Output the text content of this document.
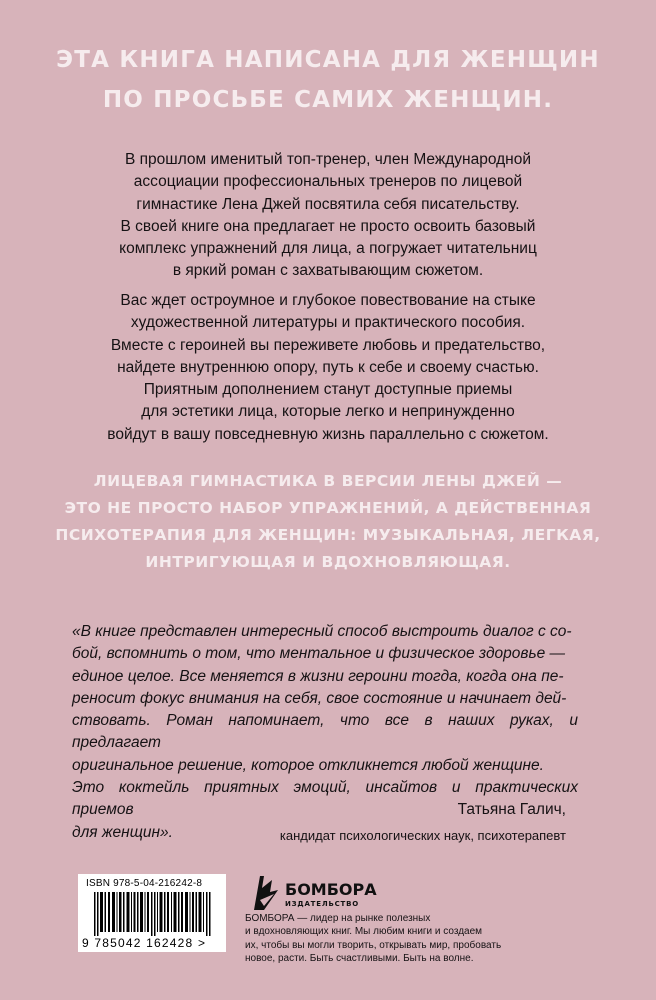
ЭТА КНИГА НАПИСАНА ДЛЯ ЖЕНЩИН
ПО ПРОСЬБЕ САМИХ ЖЕНЩИН.
В прошлом именитый топ-тренер, член Международной
ассоциации профессиональных тренеров по лицевой
гимнастике Лена Джей посвятила себя писательству.
В своей книге она предлагает не просто освоить базовый
комплекс упражнений для лица, а погружает читательниц
в яркий роман с захватывающим сюжетом.
Вас ждет остроумное и глубокое повествование на стыке
художественной литературы и практического пособия.
Вместе с героиней вы переживете любовь и предательство,
найдете внутреннюю опору, путь к себе и своему счастью.
Приятным дополнением станут доступные приемы
для эстетики лица, которые легко и непринужденно
войдут в вашу повседневную жизнь параллельно с сюжетом.
ЛИЦЕВАЯ ГИМНАСТИКА В ВЕРСИИ ЛЕНЫ ДЖЕЙ —
ЭТО НЕ ПРОСТО НАБОР УПРАЖНЕНИЙ, А ДЕЙСТВЕННАЯ
ПСИХОТЕРАПИЯ ДЛЯ ЖЕНЩИН: МУЗЫКАЛЬНАЯ, ЛЕГКАЯ,
ИНТРИГУЮЩАЯ И ВДОХНОВЛЯЮЩАЯ.
«В книге представлен интересный способ выстроить диалог с со-
бой, вспомнить о том, что ментальное и физическое здоровье —
единое целое. Все меняется в жизни героини тогда, когда она пе-
реносит фокус внимания на себя, свое состояние и начинает дей-
ствовать. Роман напоминает, что все в наших руках, и предлагает
оригинальное решение, которое откликнется любой женщине.
Это коктейль приятных эмоций, инсайтов и практических приемов
для женщин».
Татьяна Галич,
кандидат психологических наук, психотерапевт
ISBN 978-5-04-216242-8
9 785042 162428 >
БОМБОРА
ИЗДАТЕЛЬСТВО
БОМБОРА — лидер на рынке полезных
и вдохновляющих книг. Мы любим книги и создаем
их, чтобы вы могли творить, открывать мир, пробовать
новое, расти. Быть счастливыми. Быть на волне.
